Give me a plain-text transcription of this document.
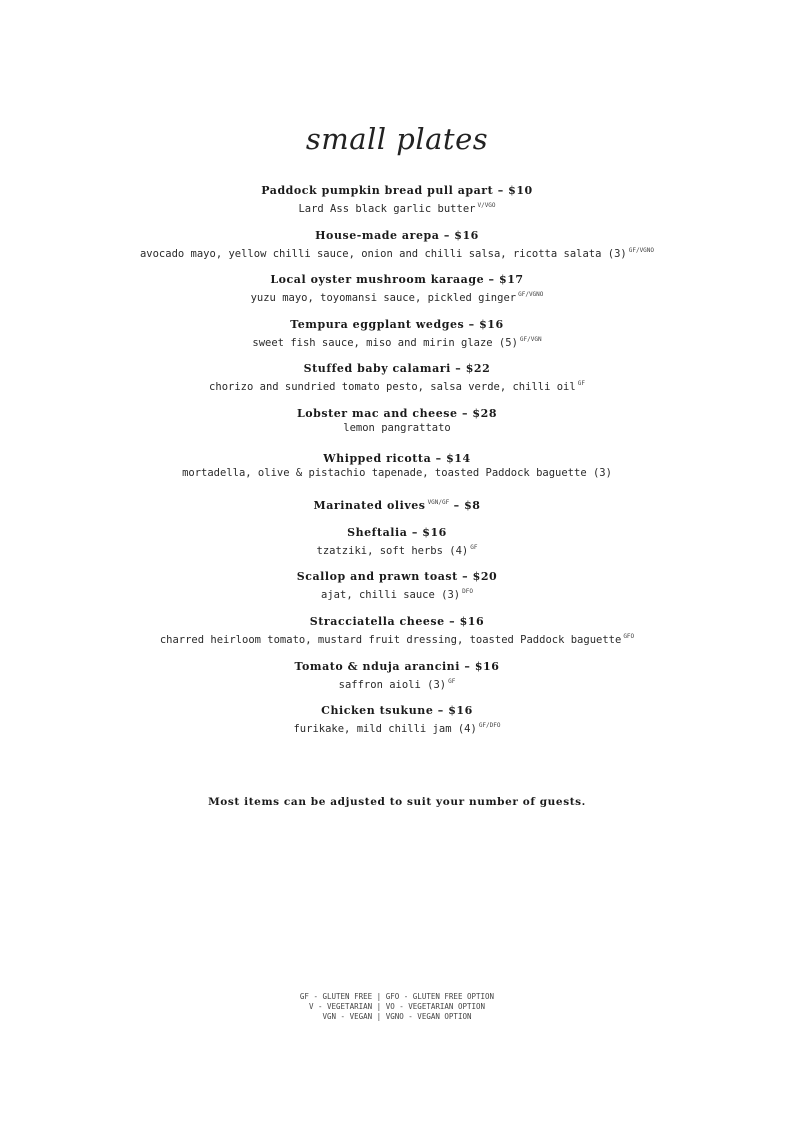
small plates
Paddock pumpkin bread pull apart – $10
Lard Ass black garlic butter $^{V/VGO}$
House-made arepa – $16
avocado mayo, yellow chilli sauce, onion and chilli salsa, ricotta salata (3) $^{GF/VGNO}$
Local oyster mushroom karaage – $17
yuzu mayo, toyomansi sauce, pickled ginger $^{GF/VGNO}$
Tempura eggplant wedges – $16
sweet fish sauce, miso and mirin glaze (5) $^{GF/VGN}$
Stuffed baby calamari – $22
chorizo and sundried tomato pesto, salsa verde, chilli oil $^{GF}$
Lobster mac and cheese – $28
lemon pangrattato
Whipped ricotta – $14
mortadella, olive & pistachio tapenade, toasted Paddock baguette (3)
Marinated olives $^{VGN/GF}$ – $8
Sheftalia – $16
tzatziki, soft herbs (4) $^{GF}$
Scallop and prawn toast – $20
ajat, chilli sauce (3) $^{DFO}$
Stracciatella cheese – $16
charred heirloom tomato, mustard fruit dressing, toasted Paddock baguette $^{GFO}$
Tomato & nduja arancini – $16
saffron aioli (3) $^{GF}$
Chicken tsukune – $16
furikake, mild chilli jam (4) $^{GF/DFO}$
Most items can be adjusted to suit your number of guests.
GF - GLUTEN FREE | GFO - GLUTEN FREE OPTION
V - VEGETARIAN | VO - VEGETARIAN OPTION
VGN - VEGAN | VGNO - VEGAN OPTION
